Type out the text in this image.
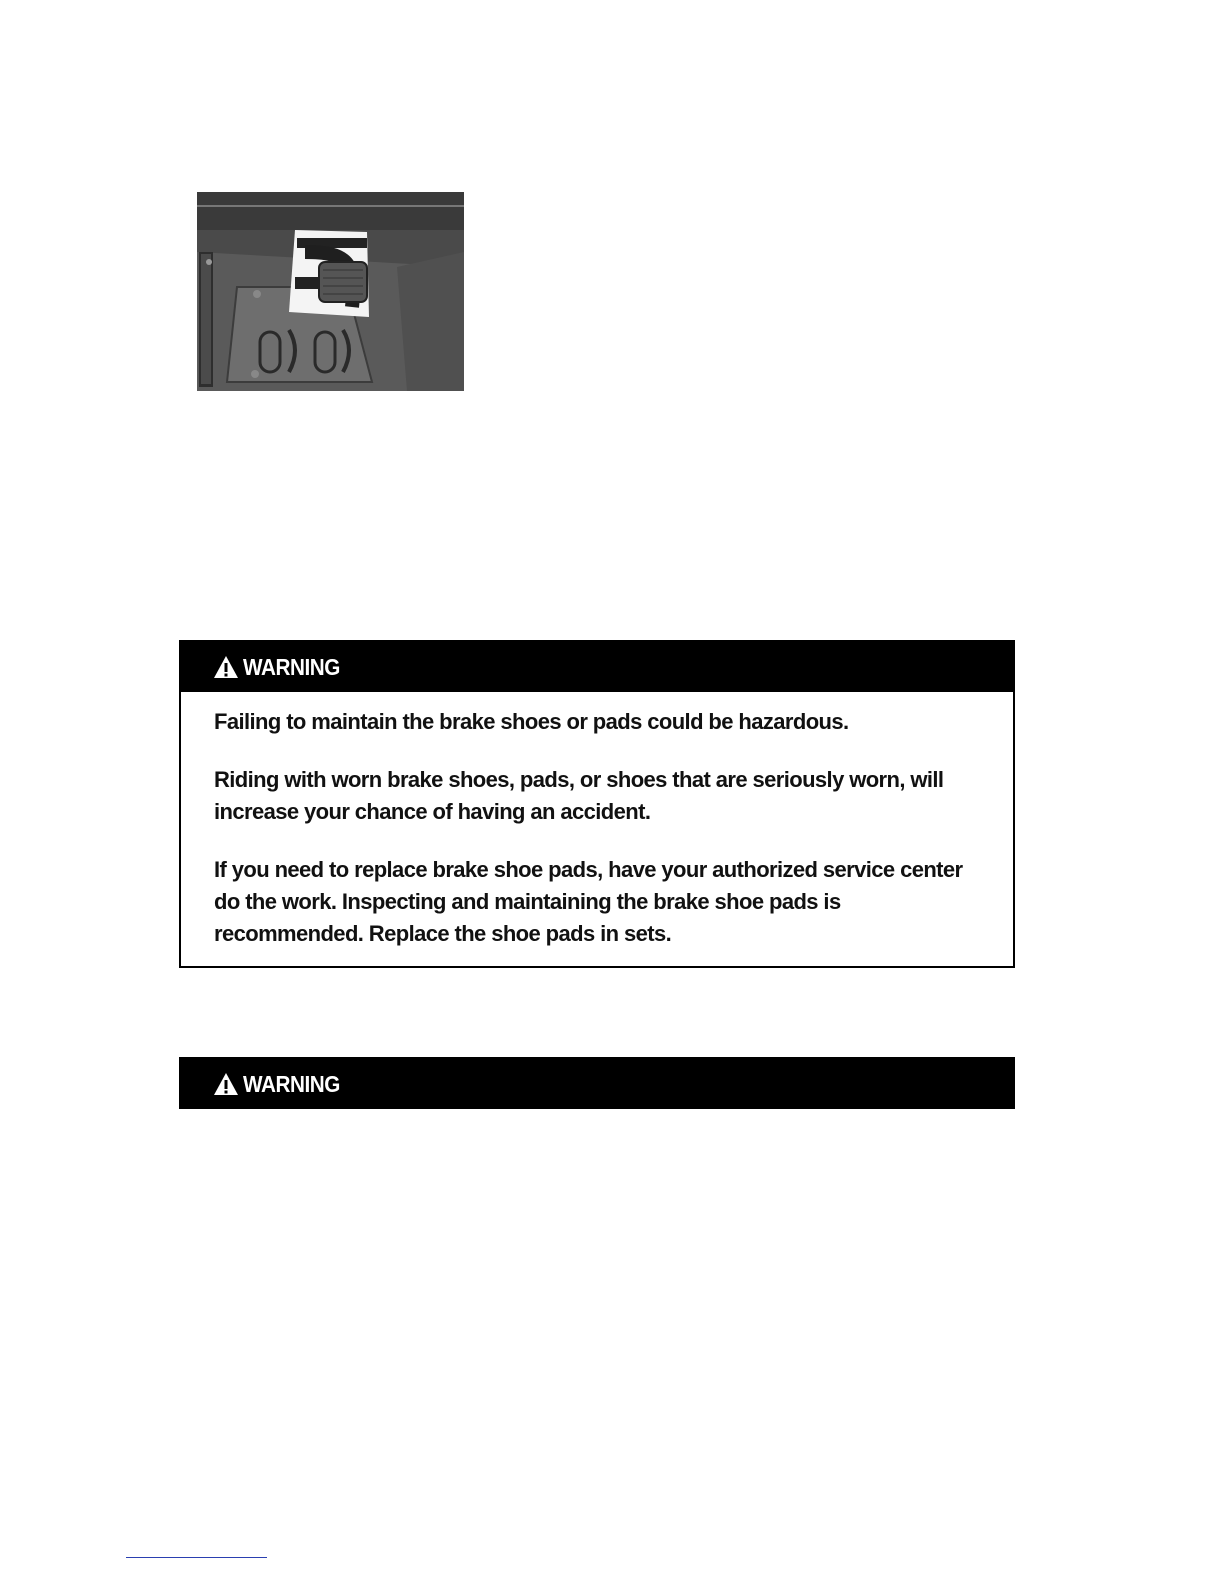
WARNING

Failing to maintain the brake shoes or pads could be hazardous.

Riding with worn brake shoes, pads, or shoes that are seriously worn, will increase your chance of having an accident.

If you need to replace brake shoe pads, have your authorized service center do the work. Inspecting and maintaining the brake shoe pads is recommended. Replace the shoe pads in sets.

WARNING
